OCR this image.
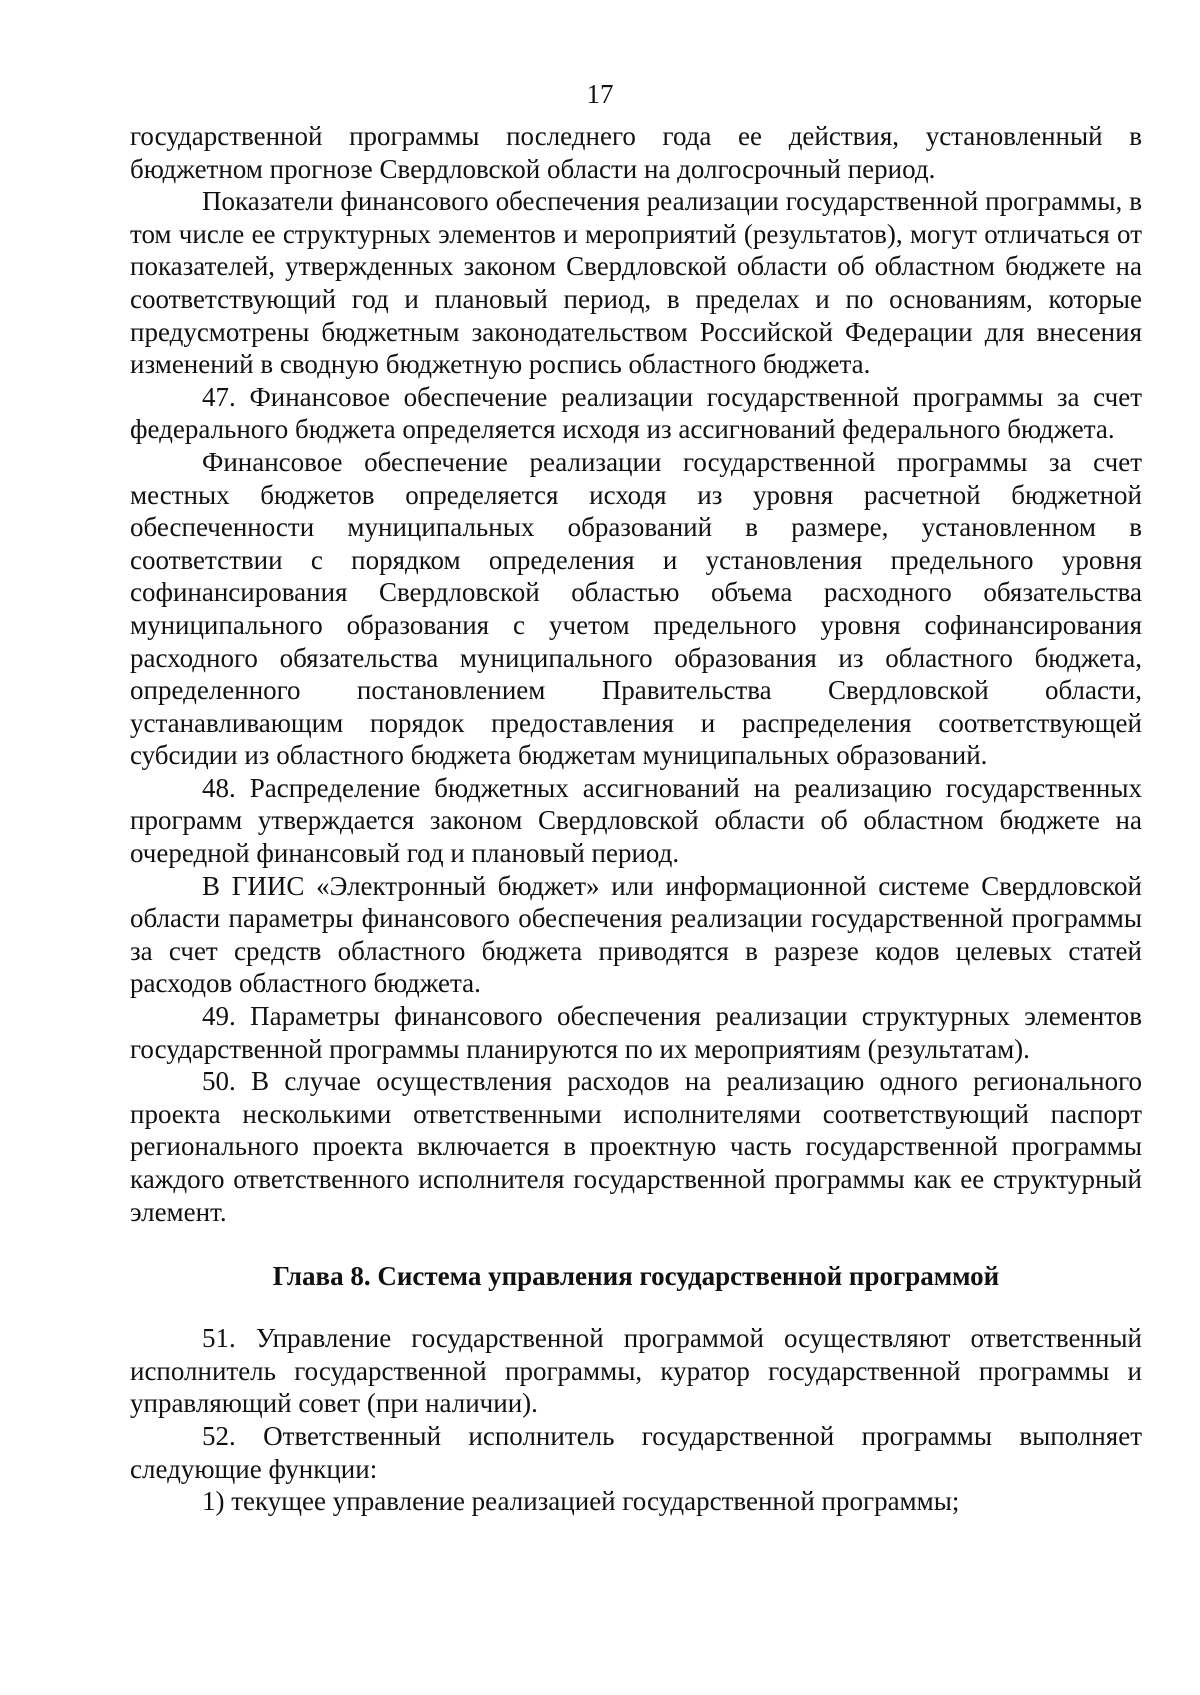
17

государственной программы последнего года ее действия, установленный в бюджетном прогнозе Свердловской области на долгосрочный период.

Показатели финансового обеспечения реализации государственной программы, в том числе ее структурных элементов и мероприятий (результатов), могут отличаться от показателей, утвержденных законом Свердловской области об областном бюджете на соответствующий год и плановый период, в пределах и по основаниям, которые предусмотрены бюджетным законодательством Российской Федерации для внесения изменений в сводную бюджетную роспись областного бюджета.

47. Финансовое обеспечение реализации государственной программы за счет федерального бюджета определяется исходя из ассигнований федерального бюджета.

Финансовое обеспечение реализации государственной программы за счет местных бюджетов определяется исходя из уровня расчетной бюджетной обеспеченности муниципальных образований в размере, установленном в соответствии с порядком определения и установления предельного уровня софинансирования Свердловской областью объема расходного обязательства муниципального образования с учетом предельного уровня софинансирования расходного обязательства муниципального образования из областного бюджета, определенного постановлением Правительства Свердловской области, устанавливающим порядок предоставления и распределения соответствующей субсидии из областного бюджета бюджетам муниципальных образований.

48. Распределение бюджетных ассигнований на реализацию государственных программ утверждается законом Свердловской области об областном бюджете на очередной финансовый год и плановый период.

В ГИИС «Электронный бюджет» или информационной системе Свердловской области параметры финансового обеспечения реализации государственной программы за счет средств областного бюджета приводятся в разрезе кодов целевых статей расходов областного бюджета.

49. Параметры финансового обеспечения реализации структурных элементов государственной программы планируются по их мероприятиям (результатам).

50. В случае осуществления расходов на реализацию одного регионального проекта несколькими ответственными исполнителями соответствующий паспорт регионального проекта включается в проектную часть государственной программы каждого ответственного исполнителя государственной программы как ее структурный элемент.

Глава 8. Система управления государственной программой

51. Управление государственной программой осуществляют ответственный исполнитель государственной программы, куратор государственной программы и управляющий совет (при наличии).

52. Ответственный исполнитель государственной программы выполняет следующие функции:

1) текущее управление реализацией государственной программы;
